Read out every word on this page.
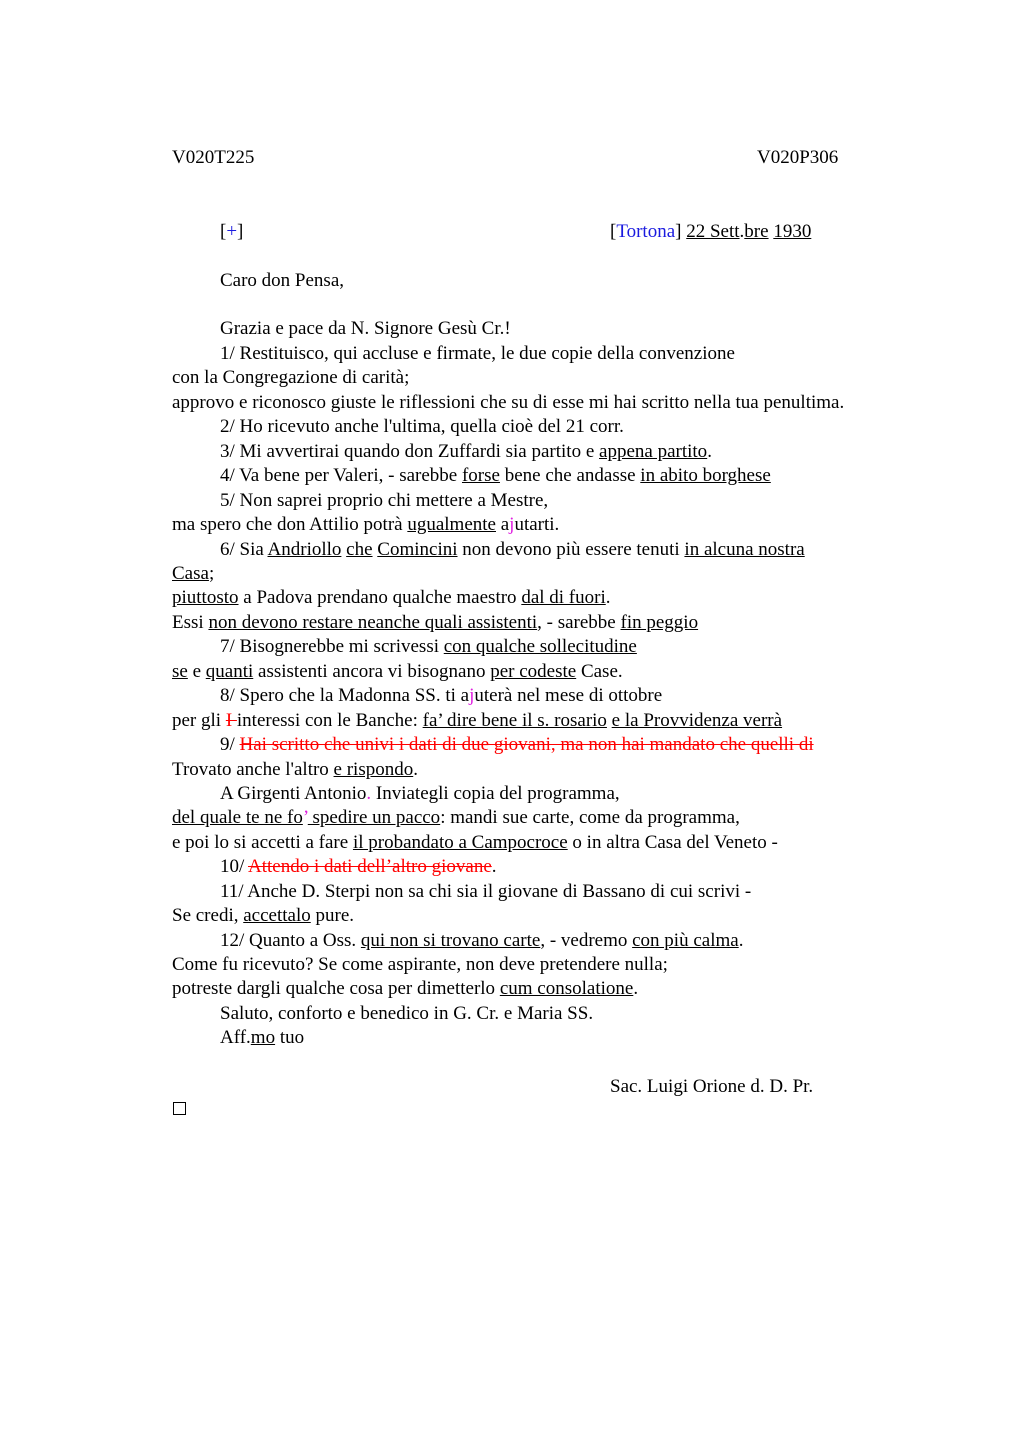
V020T225	V020P306

[+]	[Tortona] 22 Sett.bre 1930

Caro don Pensa,

Grazia e pace da N. Signore Gesù Cr.!

1/ Restituisco, qui accluse e firmate, le due copie della convenzione

con la Congregazione di carità;

approvo e riconosco giuste le riflessioni che su di esse mi hai scritto nella tua penultima.

2/ Ho ricevuto anche l'ultima, quella cioè del 21 corr.

3/ Mi avvertirai quando don Zuffardi sia partito e appena partito.

4/ Va bene per Valeri, - sarebbe forse bene che andasse in abito borghese

5/ Non saprei proprio chi mettere a Mestre,

ma spero che don Attilio potrà ugualmente ajutarti.

6/ Sia Andriollo che Comincini non devono più essere tenuti in alcuna nostra

Casa;

piuttosto a Padova prendano qualche maestro dal di fuori.

Essi non devono restare neanche quali assistenti, - sarebbe fin peggio

7/ Bisognerebbe mi scrivessi con qualche sollecitudine

se e quanti assistenti ancora vi bisognano per codeste Case.

8/ Spero che la Madonna SS. ti ajuterà nel mese di ottobre

per gli I interessi con le Banche: fa’ dire bene il s. rosario e la Provvidenza verrà

9/ Hai scritto che univi i dati di due giovani, ma non hai mandato che quelli di

Trovato anche l'altro e rispondo.

A Girgenti Antonio. Inviategli copia del programma,

del quale te ne fo’ spedire un pacco: mandi sue carte, come da programma,

e poi lo si accetti a fare il probandato a Campocroce o in altra Casa del Veneto -

10/ Attendo i dati dell’altro giovane.

11/ Anche D. Sterpi non sa chi sia il giovane di Bassano di cui scrivi -

Se credi, accettalo pure.

12/ Quanto a Oss. qui non si trovano carte, - vedremo con più calma.

Come fu ricevuto? Se come aspirante, non deve pretendere nulla;

potreste dargli qualche cosa per dimetterlo cum consolatione.

Saluto, conforto e benedico in G. Cr. e Maria SS.

Aff.mo tuo

Sac. Luigi Orione d. D. Pr.
